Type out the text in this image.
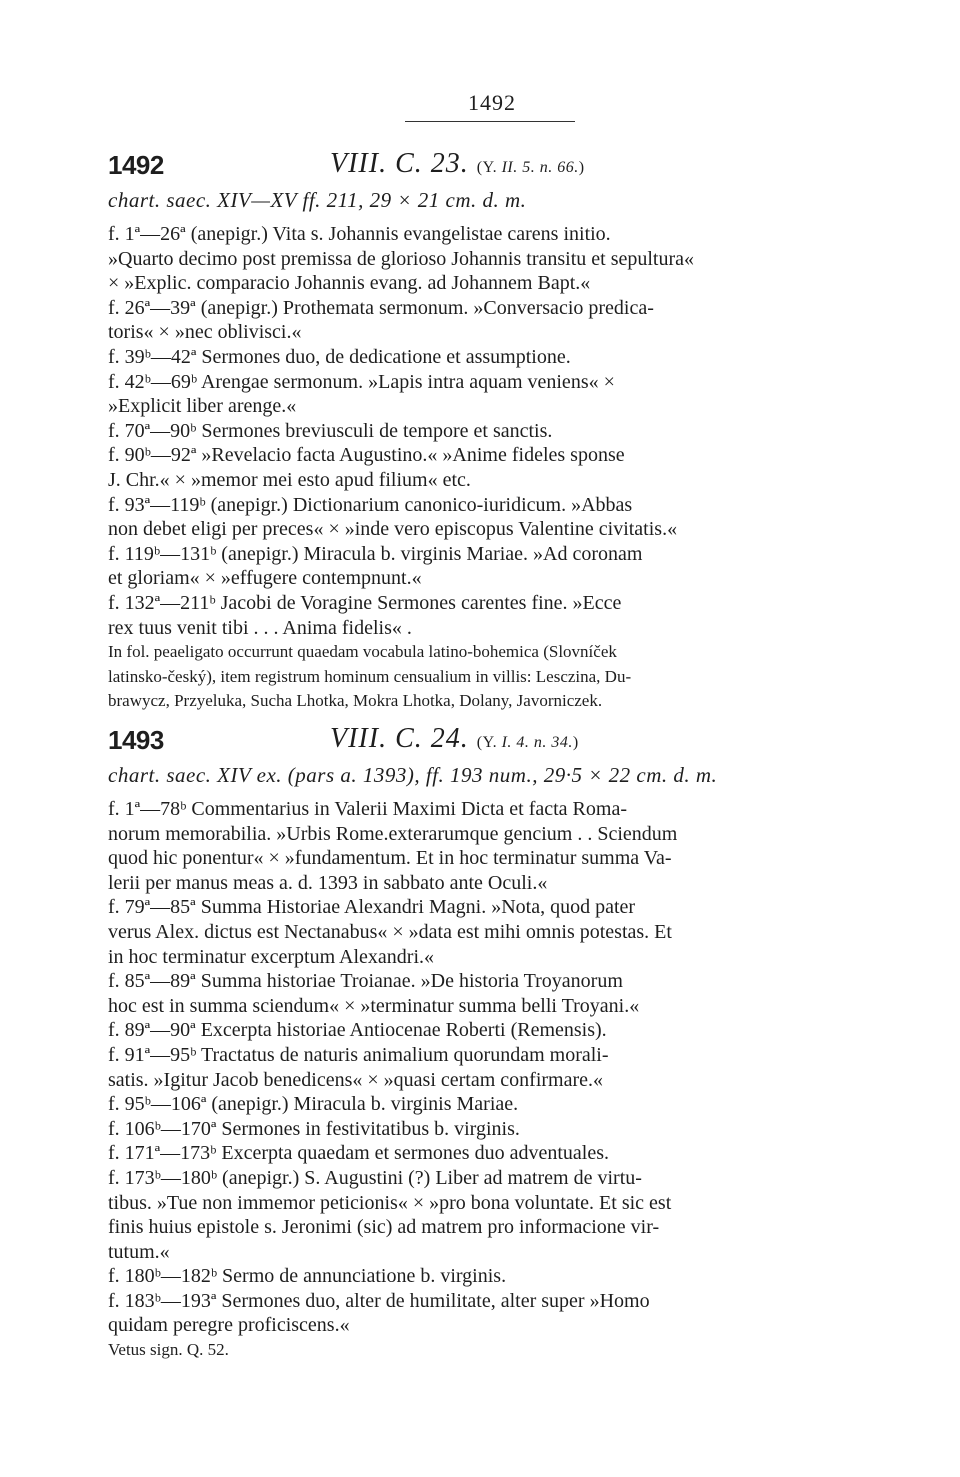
1492
1492	VIII. C. 23. (Y. II. 5. n. 66.)
chart. saec. XIV—XV ff. 211, 29 × 21 cm. d. m.
f. 1ª—26ª (anepigr.) Vita s. Johannis evangelistae carens initio.
»Quarto decimo post premissa de glorioso Johannis transitu et sepultura«
× »Explic. comparacio Johannis evang. ad Johannem Bapt.«
f. 26ª—39ª (anepigr.) Prothemata sermonum. »Conversacio predica-
toris« × »nec oblivisci.«
f. 39ᵇ—42ª Sermones duo, de dedicatione et assumptione.
f. 42ᵇ—69ᵇ Arengae sermonum. »Lapis intra aquam veniens« ×
»Explicit liber arenge.«
f. 70ª—90ᵇ Sermones breviusculi de tempore et sanctis.
f. 90ᵇ—92ª »Revelacio facta Augustino.« »Anime fideles sponse
J. Chr.« × »memor mei esto apud filium« etc.
f. 93ª—119ᵇ (anepigr.) Dictionarium canonico-iuridicum. »Abbas
non debet eligi per preces« × »inde vero episcopus Valentine civitatis.«
f. 119ᵇ—131ᵇ (anepigr.) Miracula b. virginis Mariae. »Ad coronam
et gloriam« × »effugere contempnunt.«
f. 132ª—211ᵇ Jacobi de Voragine Sermones carentes fine. »Ecce
rex tuus venit tibi . . . Anima fidelis« .
In fol. peaeligato occurrunt quaedam vocabula latino-bohemica (Slovníček
latinsko-český), item registrum hominum censualium in villis: Lesczina, Du-
brawycz, Przyeluka, Sucha Lhotka, Mokra Lhotka, Dolany, Javorniczek.
1493	VIII. C. 24. (Y. I. 4. n. 34.)
chart. saec. XIV ex. (pars a. 1393), ff. 193 num., 29·5 × 22 cm. d. m.
f. 1ª—78ᵇ Commentarius in Valerii Maximi Dicta et facta Roma-
norum memorabilia. »Urbis Rome.exterarumque gencium . . Sciendum
quod hic ponentur« × »fundamentum. Et in hoc terminatur summa Va-
lerii per manus meas a. d. 1393 in sabbato ante Oculi.«
f. 79ª—85ª Summa Historiae Alexandri Magni. »Nota, quod pater
verus Alex. dictus est Nectanabus« × »data est mihi omnis potestas. Et
in hoc terminatur excerptum Alexandri.«
f. 85ª—89ª Summa historiae Troianae. »De historia Troyanorum
hoc est in summa sciendum« × »terminatur summa belli Troyani.«
f. 89ª—90ª Excerpta historiae Antiocenae Roberti (Remensis).
f. 91ª—95ᵇ Tractatus de naturis animalium quorundam morali-
satis. »Igitur Jacob benedicens« × »quasi certam confirmare.«
f. 95ᵇ—106ª (anepigr.) Miracula b. virginis Mariae.
f. 106ᵇ—170ª Sermones in festivitatibus b. virginis.
f. 171ª—173ᵇ Excerpta quaedam et sermones duo adventuales.
f. 173ᵇ—180ᵇ (anepigr.) S. Augustini (?) Liber ad matrem de virtu-
tibus. »Tue non immemor peticionis« × »pro bona voluntate. Et sic est
finis huius epistole s. Jeronimi (sic) ad matrem pro informacione vir-
tutum.«
f. 180ᵇ—182ᵇ Sermo de annunciatione b. virginis.
f. 183ᵇ—193ª Sermones duo, alter de humilitate, alter super »Homo
quidam peregre proficiscens.«
Vetus sign. Q. 52.
